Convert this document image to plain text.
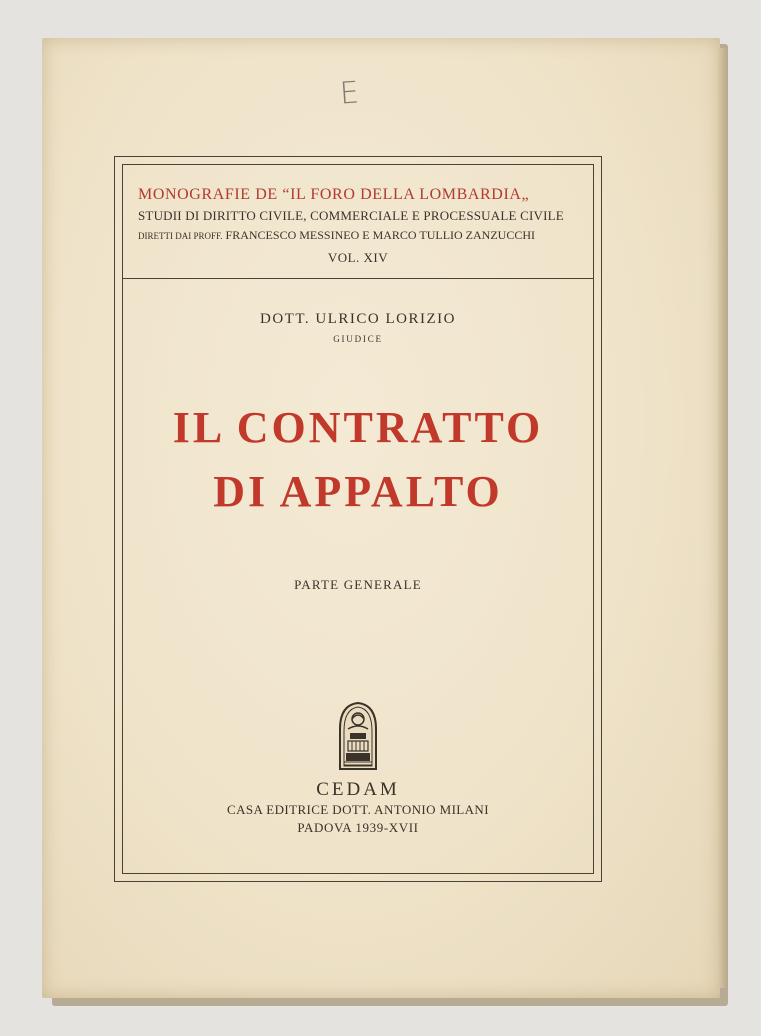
E
MONOGRAFIE DE “IL FORO DELLA LOMBARDIA„
STUDII DI DIRITTO CIVILE, COMMERCIALE E PROCESSUALE CIVILE
DIRETTI DAI PROFF. FRANCESCO MESSINEO E MARCO TULLIO ZANZUCCHI
VOL. XIV
DOTT. ULRICO LORIZIO
GIUDICE
IL CONTRATTO
DI APPALTO
PARTE GENERALE
CEDAM
CASA EDITRICE DOTT. ANTONIO MILANI
PADOVA 1939-XVII
